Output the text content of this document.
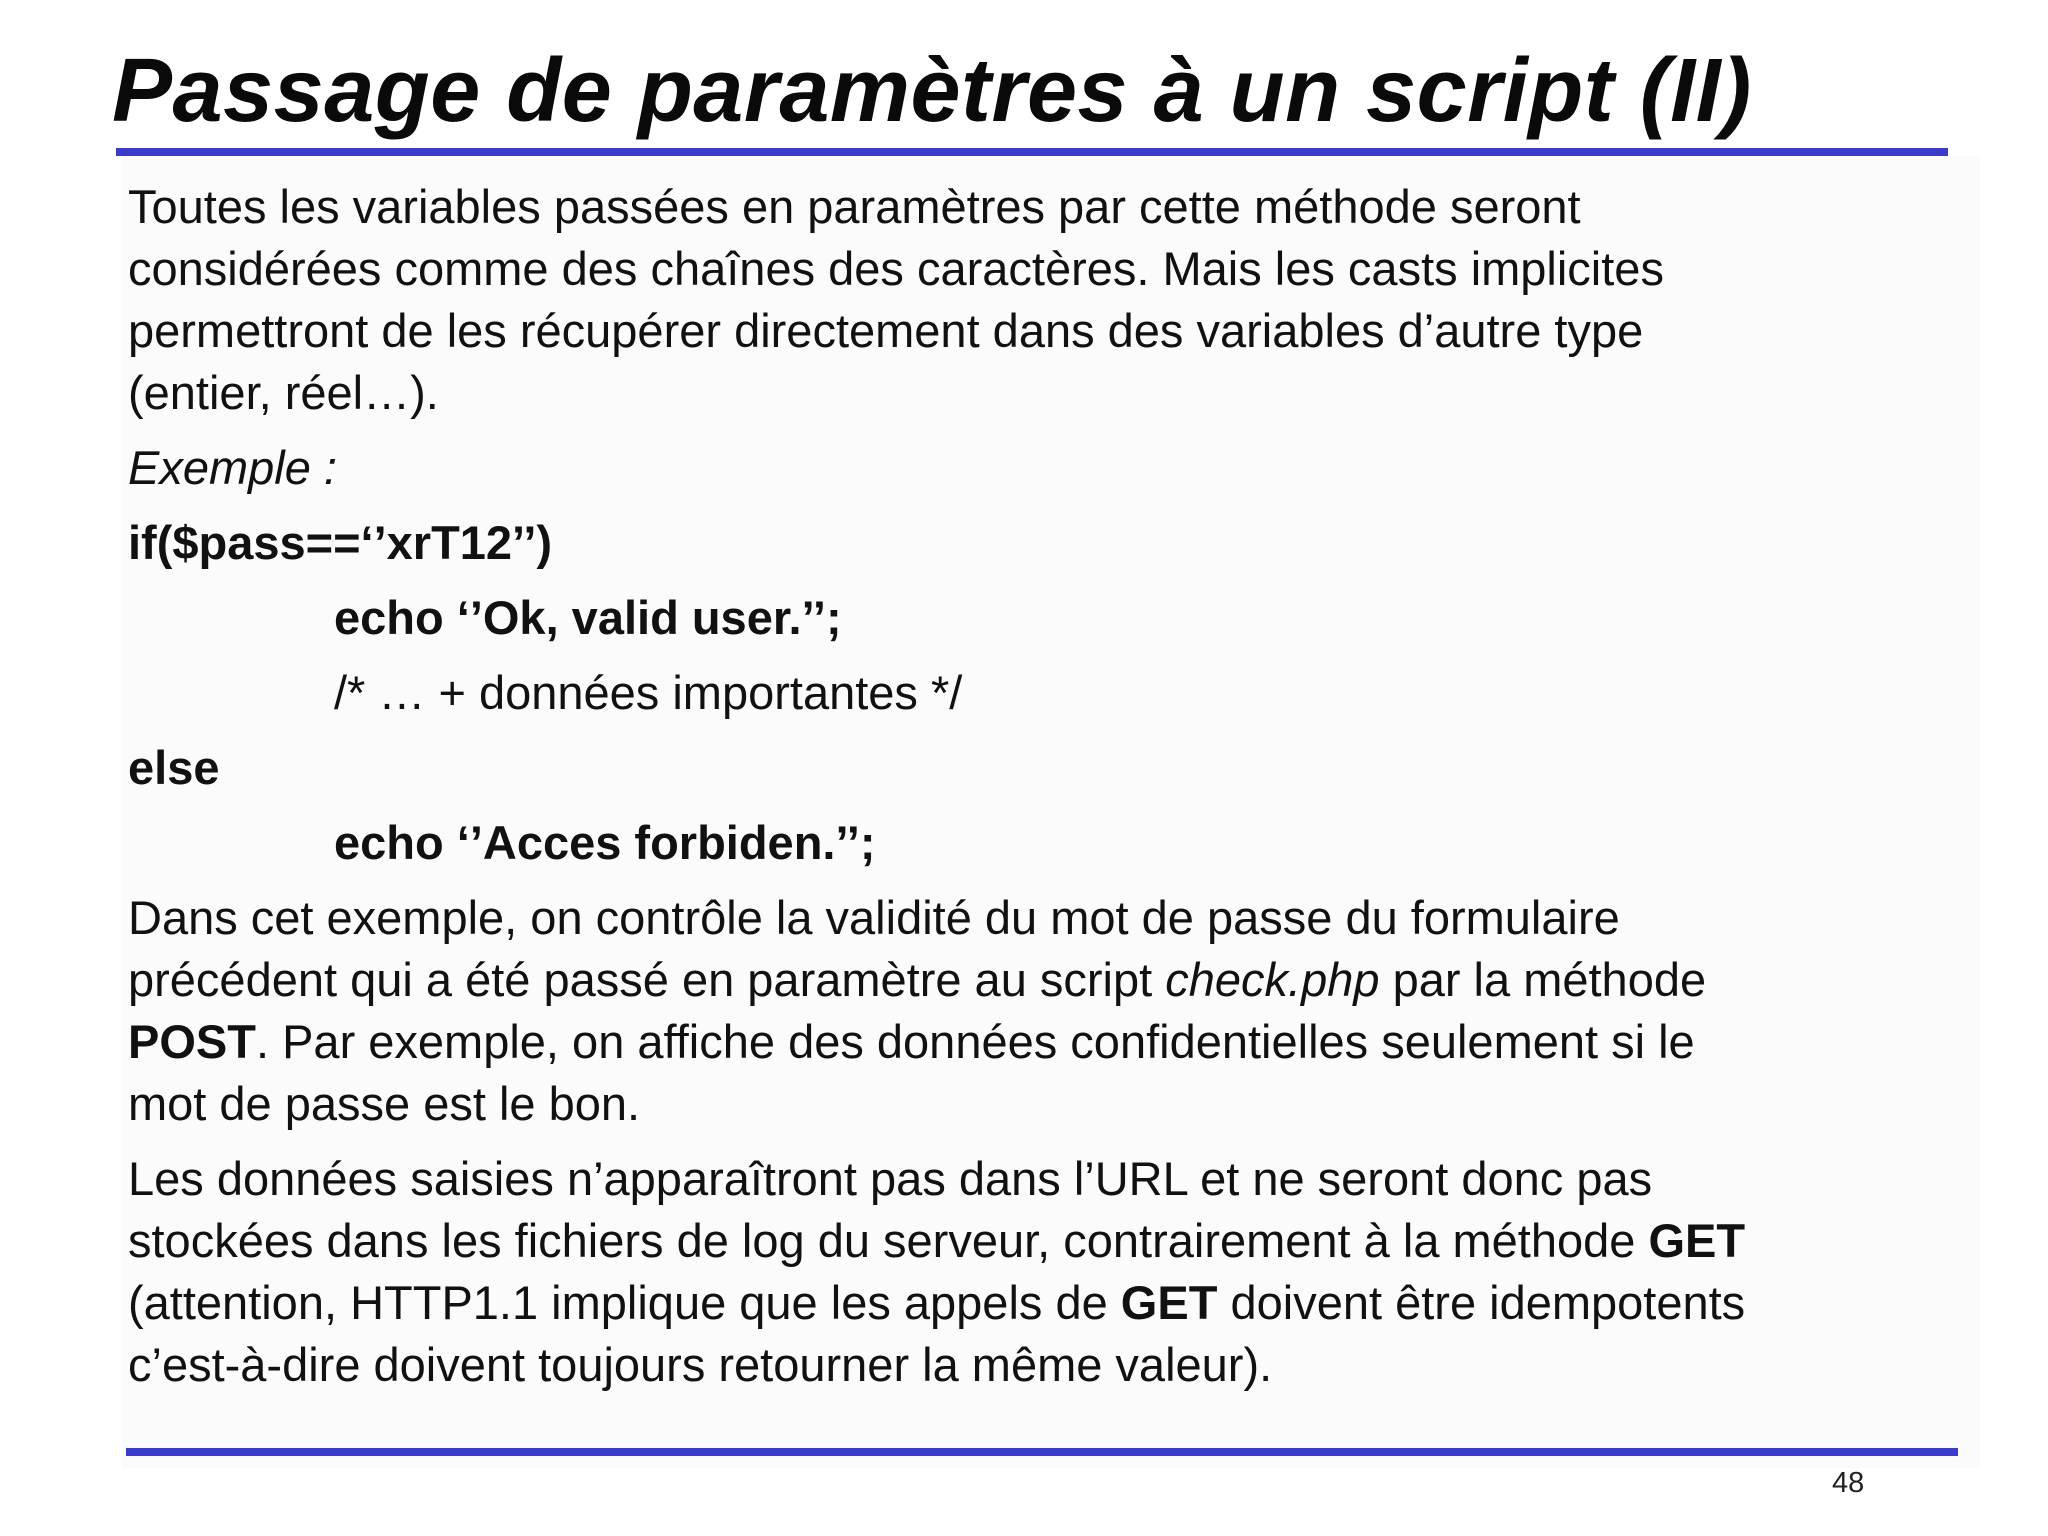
Passage de paramètres à un script (II)

Toutes les variables passées en paramètres par cette méthode seront

considérées comme des chaînes des caractères. Mais les casts implicites

permettront de les récupérer directement dans des variables d’autre type

(entier, réel…).

Exemple :

if($pass==‘’xrT12’’)

echo ‘’Ok, valid user.’’;

/* … + données importantes */

else

echo ‘’Acces forbiden.’’;

Dans cet exemple, on contrôle la validité du mot de passe du formulaire

précédent qui a été passé en paramètre au script check.php par la méthode

POST. Par exemple, on affiche des données confidentielles seulement si le

mot de passe est le bon.

Les données saisies n’apparaîtront pas dans l’URL et ne seront donc pas

stockées dans les fichiers de log du serveur, contrairement à la méthode GET

(attention, HTTP1.1 implique que les appels de GET doivent être idempotents

c’est-à-dire doivent toujours retourner la même valeur).

48
